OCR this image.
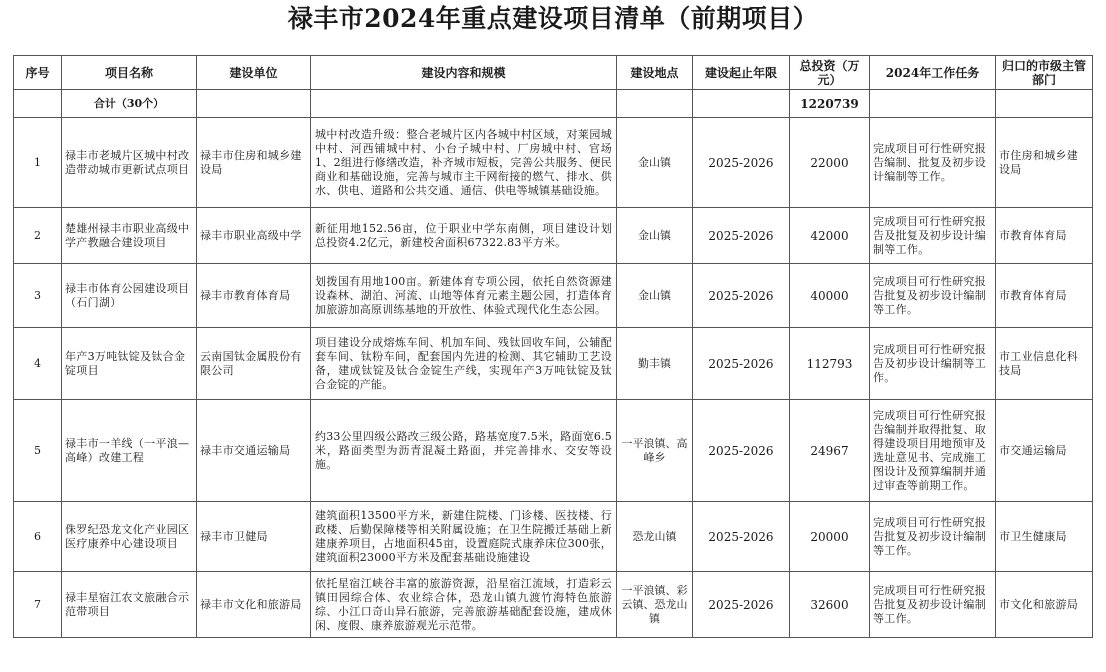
禄丰市2024年重点建设项目清单（前期项目）
序号	项目名称	建设单位	建设内容和规模	建设地点	建设起止年限	总投资（万元）	2024年工作任务	归口的市级主管部门
	合计（30个）					1220739		
1	禄丰市老城片区城中村改造带动城市更新试点项目	禄丰市住房和城乡建设局	城中村改造升级：整合老城片区内各城中村区域，对莱园城中村、河西铺城中村、小台子城中村、厂房城中村、官场1、2组进行修缮改造，补齐城市短板，完善公共服务、便民商业和基础设施，完善与城市主干网衔接的燃气、排水、供水、供电、道路和公共交通、通信、供电等城镇基础设施。	金山镇	2025-2026	22000	完成项目可行性研究报告编制、批复及初步设计编制等工作。	市住房和城乡建设局
2	楚雄州禄丰市职业高级中学产教融合建设项目	禄丰市职业高级中学	新征用地152.56亩，位于职业中学东南侧，项目建设计划总投资4.2亿元，新建校舍面积67322.83平方米。	金山镇	2025-2026	42000	完成项目可行性研究报告及批复及初步设计编制等工作。	市教育体育局
3	禄丰市体育公园建设项目（石门湖）	禄丰市教育体育局	划拨国有用地100亩。新建体育专项公园，依托自然资源建设森林、湖泊、河流、山地等体育元素主题公园，打造体育加旅游加高原训练基地的开放性、体验式现代化生态公园。	金山镇	2025-2026	40000	完成项目可行性研究报告批复及初步设计编制等工作。	市教育体育局
4	年产3万吨钛锭及钛合金锭项目	云南国钛金属股份有限公司	项目建设分成熔炼车间、机加车间、残钛回收车间，公辅配套车间、钛粉车间，配套国内先进的检测、其它辅助工艺设备，建成钛锭及钛合金锭生产线，实现年产3万吨钛锭及钛合金锭的产能。	勤丰镇	2025-2026	112793	完成项目可行性研究报告及初步设计编制等工作。	市工业信息化科技局
5	禄丰市一羊线（一平浪—高峰）改建工程	禄丰市交通运输局	约33公里四级公路改三级公路，路基宽度7.5米，路面宽6.5米，路面类型为沥青混凝土路面，并完善排水、交安等设施。	一平浪镇、高峰乡	2025-2026	24967	完成项目可行性研究报告编制并取得批复、取得建设项目用地预审及选址意见书、完成施工图设计及预算编制并通过审查等前期工作。	市交通运输局
6	侏罗纪恐龙文化产业园区医疗康养中心建设项目	禄丰市卫健局	建筑面积13500平方米，新建住院楼、门诊楼、医技楼、行政楼、后勤保障楼等相关附属设施；在卫生院搬迁基础上新建康养项目，占地面积45亩，设置庭院式康养床位300张，建筑面积23000平方米及配套基础设施建设	恐龙山镇	2025-2026	20000	完成项目可行性研究报告批复及初步设计编制等工作。	市卫生健康局
7	禄丰星宿江农文旅融合示范带项目	禄丰市文化和旅游局	依托星宿江峡谷丰富的旅游资源，沿星宿江流域，打造彩云镇田园综合体、农业综合体，恐龙山镇九渡竹海特色旅游综、小江口奇山异石旅游，完善旅游基础配套设施，建成休闲、度假、康养旅游观光示范带。	一平浪镇、彩云镇、恐龙山镇	2025-2026	32600	完成项目可行性研究报告批复及初步设计编制等工作。	市文化和旅游局
